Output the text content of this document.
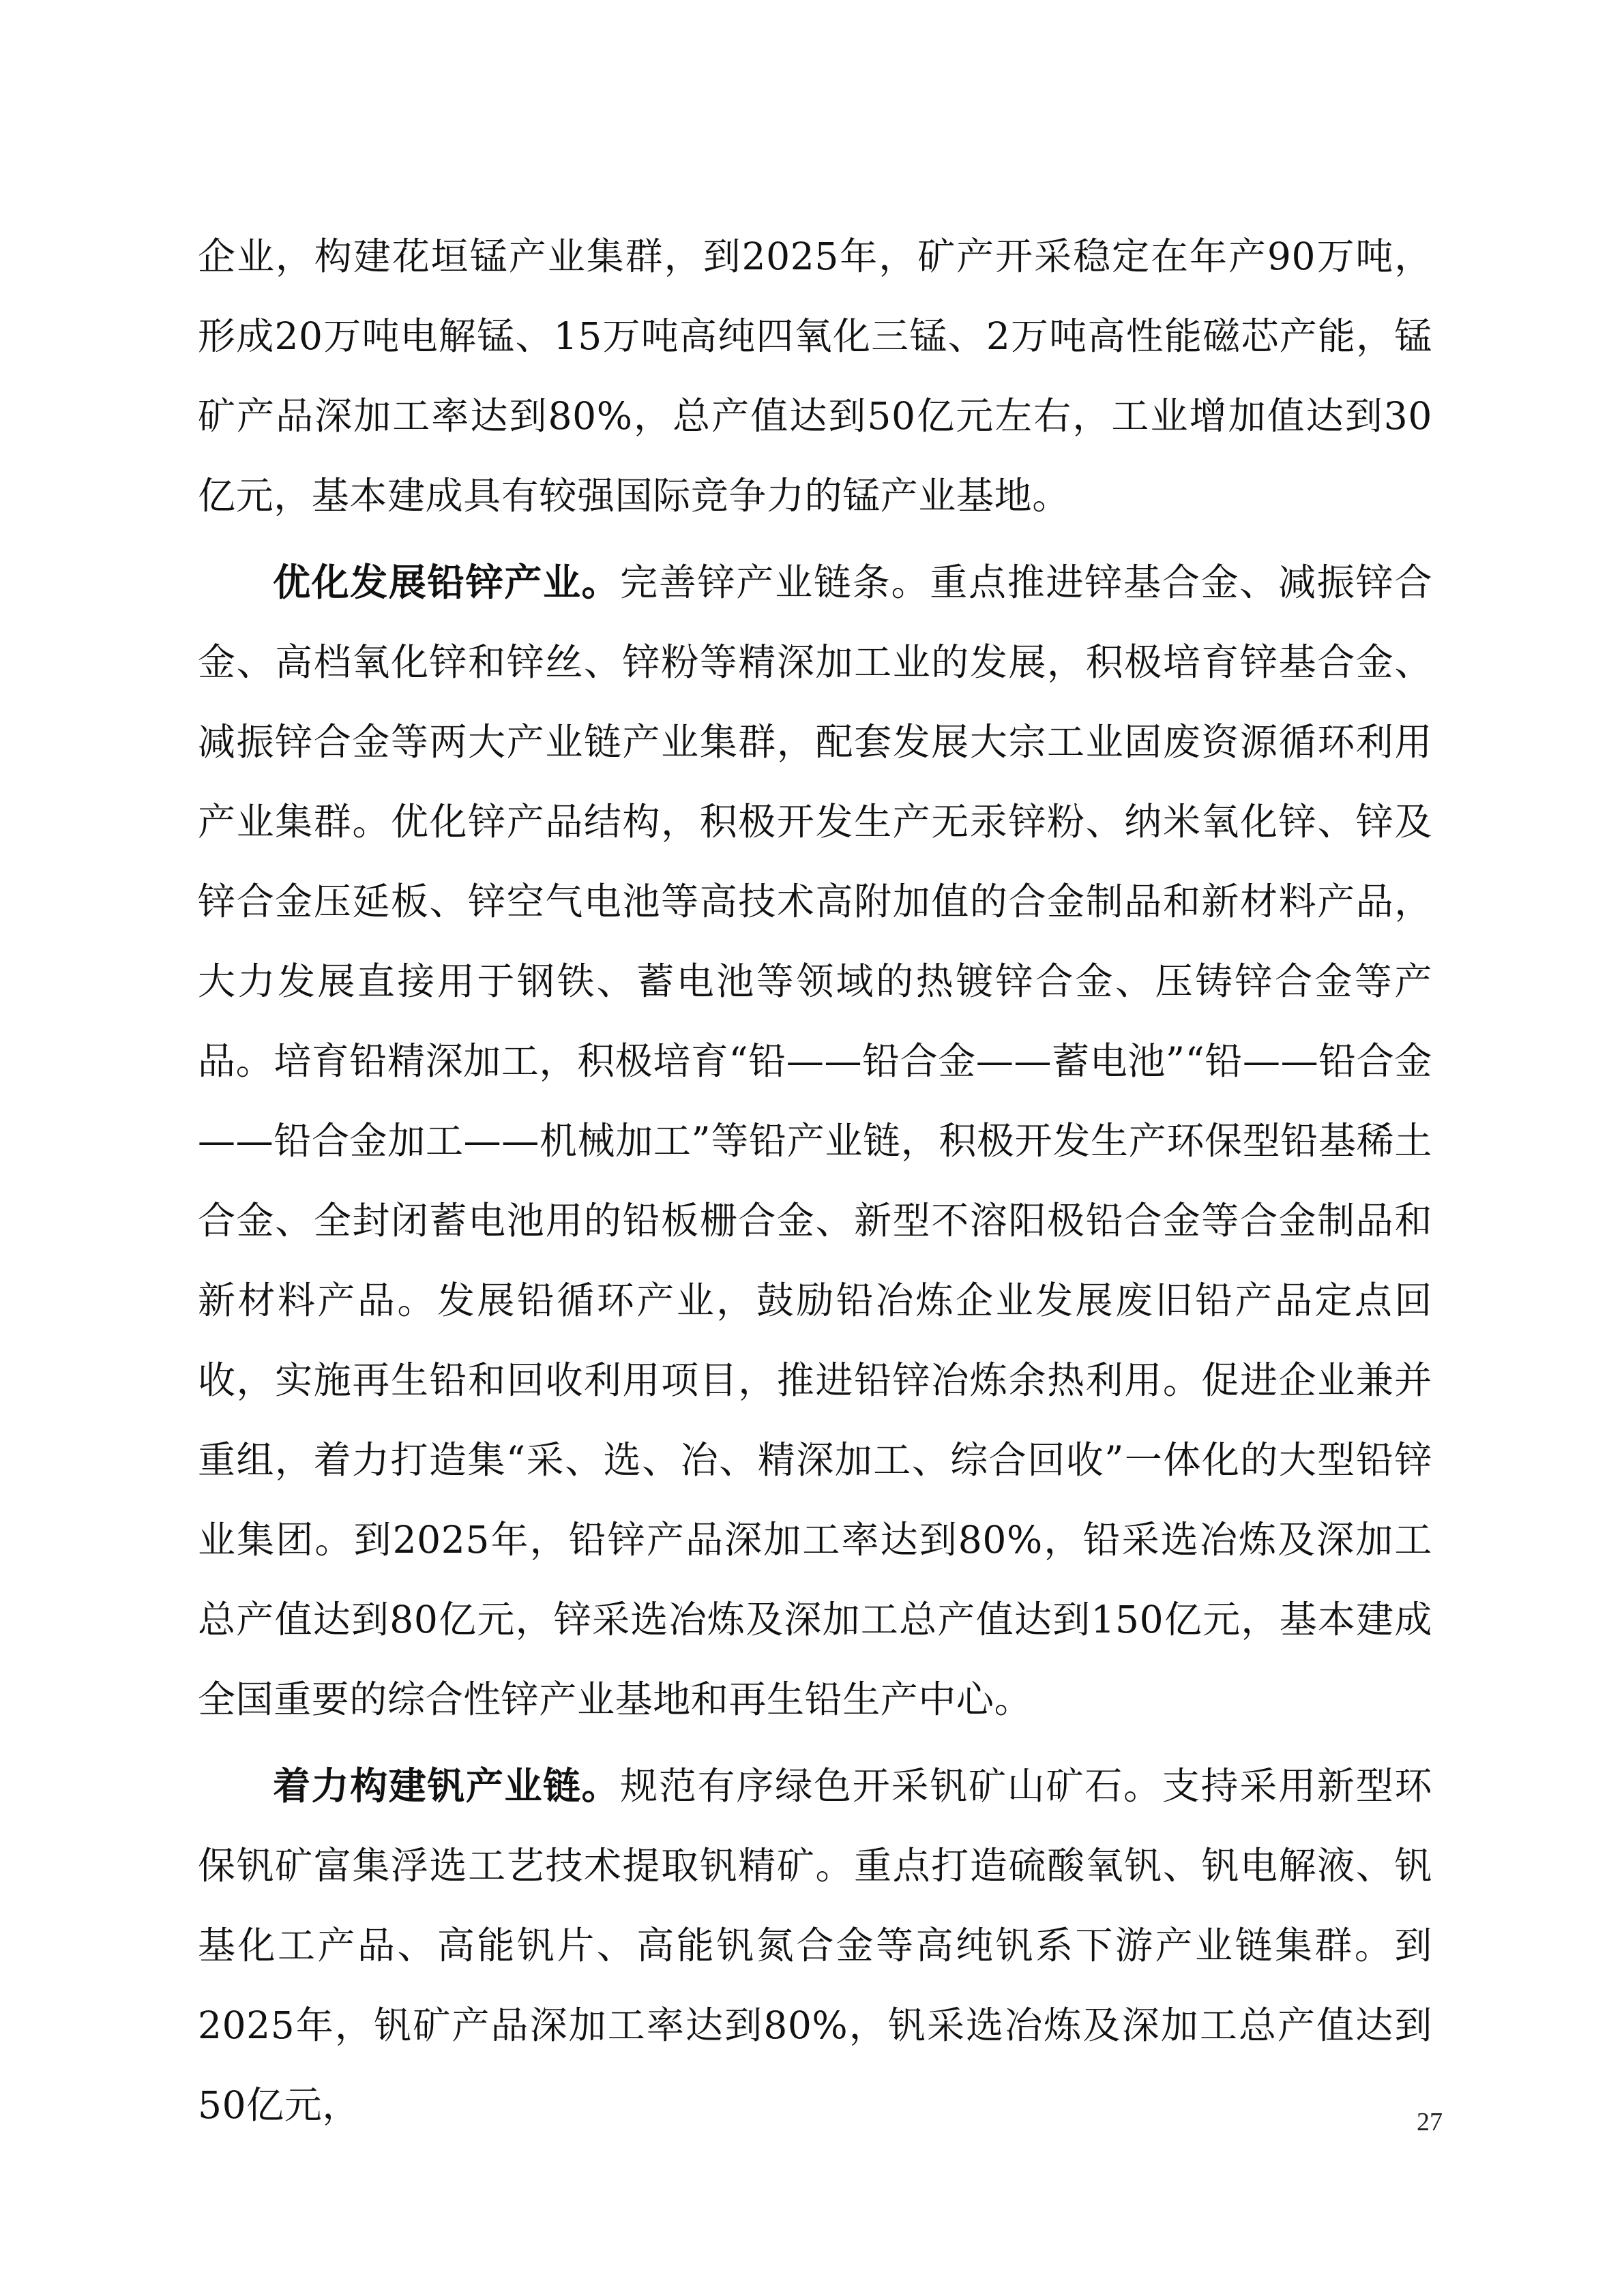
企业，构建花垣锰产业集群，到2025年，矿产开采稳定在年产90万吨，形成20万吨电解锰、15万吨高纯四氧化三锰、2万吨高性能磁芯产能，锰矿产品深加工率达到80%，总产值达到50亿元左右，工业增加值达到30亿元，基本建成具有较强国际竞争力的锰产业基地。

优化发展铅锌产业。完善锌产业链条。重点推进锌基合金、减振锌合金、高档氧化锌和锌丝、锌粉等精深加工业的发展，积极培育锌基合金、减振锌合金等两大产业链产业集群，配套发展大宗工业固废资源循环利用产业集群。优化锌产品结构，积极开发生产无汞锌粉、纳米氧化锌、锌及锌合金压延板、锌空气电池等高技术高附加值的合金制品和新材料产品，大力发展直接用于钢铁、蓄电池等领域的热镀锌合金、压铸锌合金等产品。培育铅精深加工，积极培育“铅——铅合金——蓄电池”“铅——铅合金——铅合金加工——机械加工”等铅产业链，积极开发生产环保型铅基稀土合金、全封闭蓄电池用的铅板栅合金、新型不溶阳极铅合金等合金制品和新材料产品。发展铅循环产业，鼓励铅冶炼企业发展废旧铅产品定点回收，实施再生铅和回收利用项目，推进铅锌冶炼余热利用。促进企业兼并重组，着力打造集“采、选、冶、精深加工、综合回收”一体化的大型铅锌业集团。到2025年，铅锌产品深加工率达到80%，铅采选冶炼及深加工总产值达到80亿元，锌采选冶炼及深加工总产值达到150亿元，基本建成全国重要的综合性锌产业基地和再生铅生产中心。

着力构建钒产业链。规范有序绿色开采钒矿山矿石。支持采用新型环保钒矿富集浮选工艺技术提取钒精矿。重点打造硫酸氧钒、钒电解液、钒基化工产品、高能钒片、高能钒氮合金等高纯钒系下游产业链集群。到2025年，钒矿产品深加工率达到80%，钒采选冶炼及深加工总产值达到50亿元，	27
